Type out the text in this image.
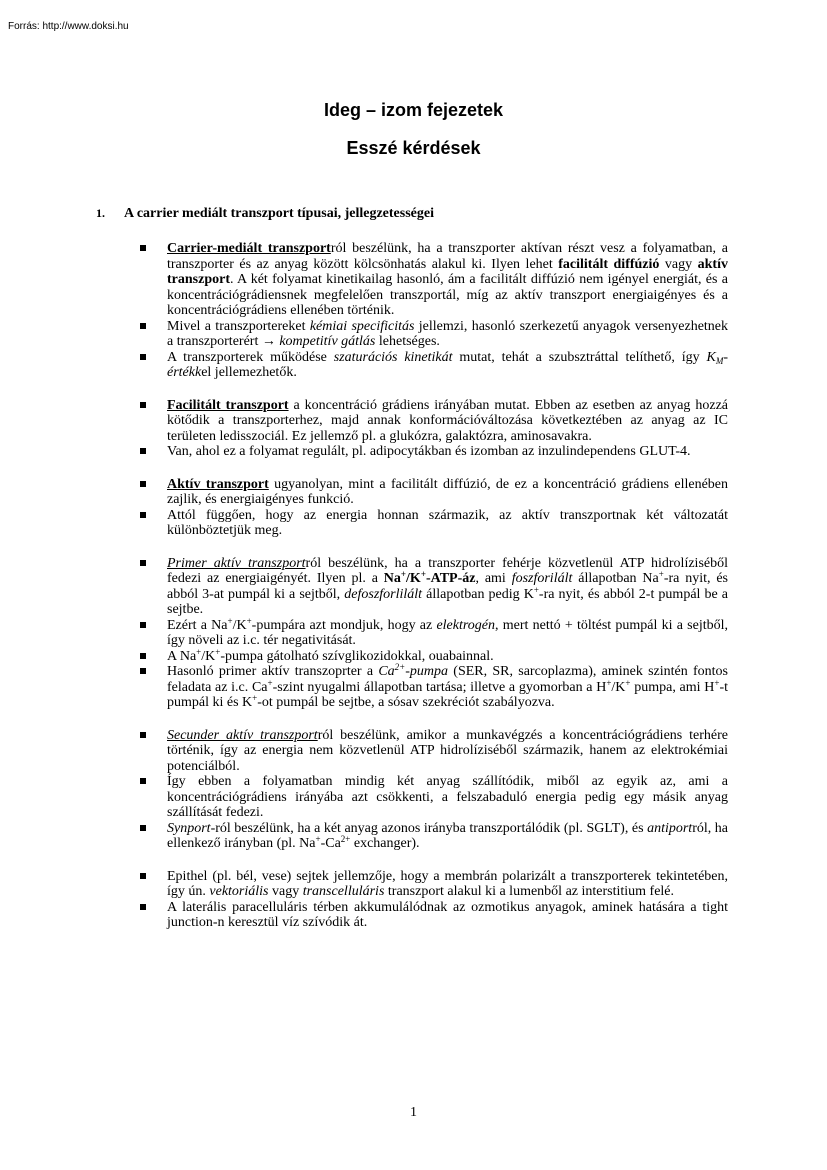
Forrás: http://www.doksi.hu
Ideg – izom fejezetek
Esszé kérdések
1. A carrier mediált transzport típusai, jellegzetességei

Carrier-mediált transzportról beszélünk, ha a transzporter aktívan részt vesz a folyamatban, a transzporter és az anyag között kölcsönhatás alakul ki. Ilyen lehet facilitált diffúzió vagy aktív transzport. A két folyamat kinetikailag hasonló, ám a facilitált diffúzió nem igényel energiát, és a koncentrációgrádiensnek megfelelően transzportál, míg az aktív transzport energiaigényes és a koncentrációgrádiens ellenében történik.

Mivel a transzportereket kémiai specificitás jellemzi, hasonló szerkezetű anyagok versenyezhetnek a transzporterért → kompetitív gátlás lehetséges.

A transzporterek működése szaturációs kinetikát mutat, tehát a szubsztráttal telíthető, így $K_M$-értékkel jellemezhetők.

Facilitált transzport a koncentráció grádiens irányában mutat. Ebben az esetben az anyag hozzá kötődik a transzporterhez, majd annak konformációváltozása következtében az anyag az IC területen ledisszociál. Ez jellemző pl. a glukózra, galaktózra, aminosavakra.

Van, ahol ez a folyamat regulált, pl. adipocytákban és izomban az inzulindependens GLUT-4.

Aktív transzport ugyanolyan, mint a facilitált diffúzió, de ez a koncentráció grádiens ellenében zajlik, és energiaigényes funkció.

Attól függően, hogy az energia honnan származik, az aktív transzportnak két változatát különböztetjük meg.

Primer aktív transzportról beszélünk, ha a transzporter fehérje közvetlenül ATP hidrolíziséből fedezi az energiaigényét. Ilyen pl. a Na+/K+-ATP-áz, ami foszforilált állapotban Na+-ra nyit, és abból 3-at pumpál ki a sejtből, defoszforlilált állapotban pedig K+-ra nyit, és abból 2-t pumpál be a sejtbe.

Ezért a Na+/K+-pumpára azt mondjuk, hogy az elektrogén, mert nettó + töltést pumpál ki a sejtből, így növeli az i.c. tér negativitását.

A Na+/K+-pumpa gátolható szívglikozidokkal, ouabainnal.

Hasonló primer aktív transzoprter a $Ca^{2+}$-pumpa (SER, SR, sarcoplazma), aminek szintén fontos feladata az i.c. Ca+-szint nyugalmi állapotban tartása; illetve a gyomorban a H+/K+ pumpa, ami H+-t pumpál ki és K+-ot pumpál be sejtbe, a sósav szekréciót szabályozva.

Secunder aktív transzportról beszélünk, amikor a munkavégzés a koncentrációgrádiens terhére történik, így az energia nem közvetlenül ATP hidrolíziséből származik, hanem az elektrokémiai potenciálból.

Így ebben a folyamatban mindig két anyag szállítódik, miből az egyik az, ami a koncentrációgrádiens irányába azt csökkenti, a felszabaduló energia pedig egy másik anyag szállítását fedezi.

Synport-ról beszélünk, ha a két anyag azonos irányba transzportálódik (pl. SGLT), és antiportról, ha ellenkező irányban (pl. $Na^+-Ca^{2+}$ exchanger).

Epithel (pl. bél, vese) sejtek jellemzője, hogy a membrán polarizált a transzporterek tekintetében, így ún. vektoriális vagy transcelluláris transzport alakul ki a lumenből az interstitium felé.

A laterális paracelluláris térben akkumulálódnak az ozmotikus anyagok, aminek hatására a tight junction-n keresztül víz szívódik át.

1
